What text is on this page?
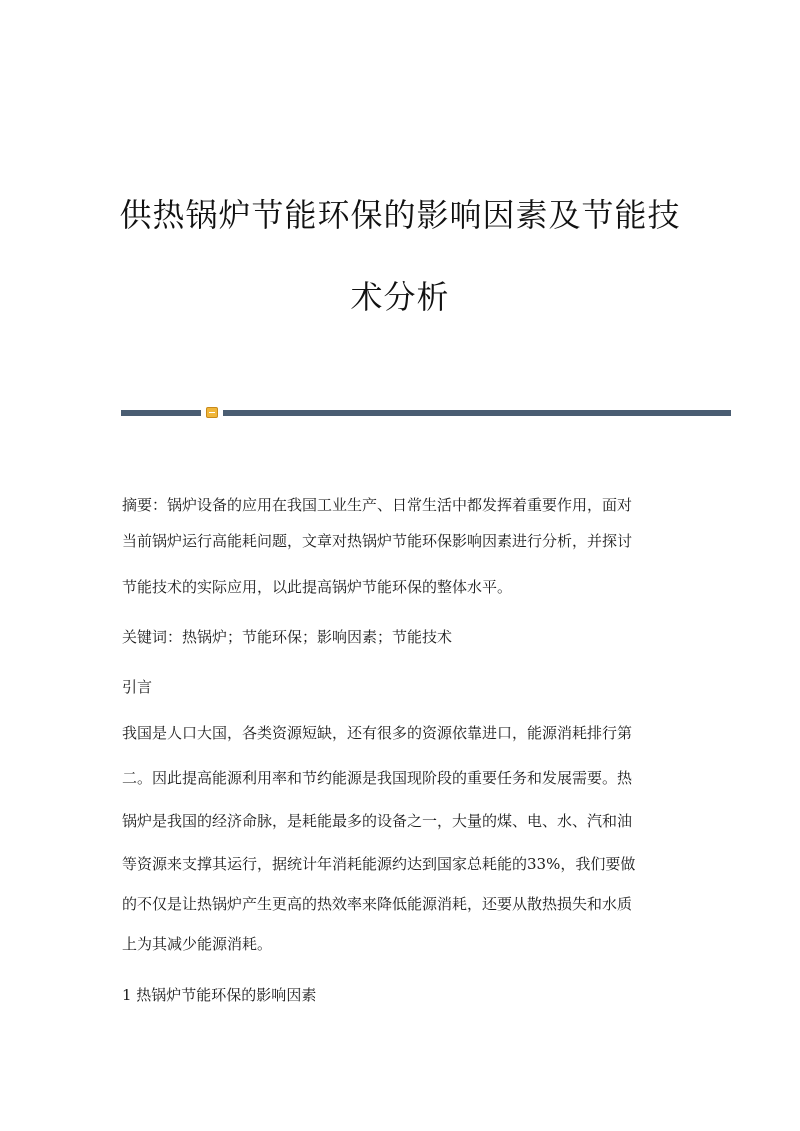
供热锅炉节能环保的影响因素及节能技
术分析
摘要：锅炉设备的应用在我国工业生产、日常生活中都发挥着重要作用，面对
当前锅炉运行高能耗问题，文章对热锅炉节能环保影响因素进行分析，并探讨
节能技术的实际应用，以此提高锅炉节能环保的整体水平。
关键词：热锅炉；节能环保；影响因素；节能技术
引言
我国是人口大国，各类资源短缺，还有很多的资源依靠进口，能源消耗排行第
二。因此提高能源利用率和节约能源是我国现阶段的重要任务和发展需要。热
锅炉是我国的经济命脉，是耗能最多的设备之一，大量的煤、电、水、汽和油
等资源来支撑其运行，据统计年消耗能源约达到国家总耗能的33%，我们要做
的不仅是让热锅炉产生更高的热效率来降低能源消耗，还要从散热损失和水质
上为其减少能源消耗。
1 热锅炉节能环保的影响因素
